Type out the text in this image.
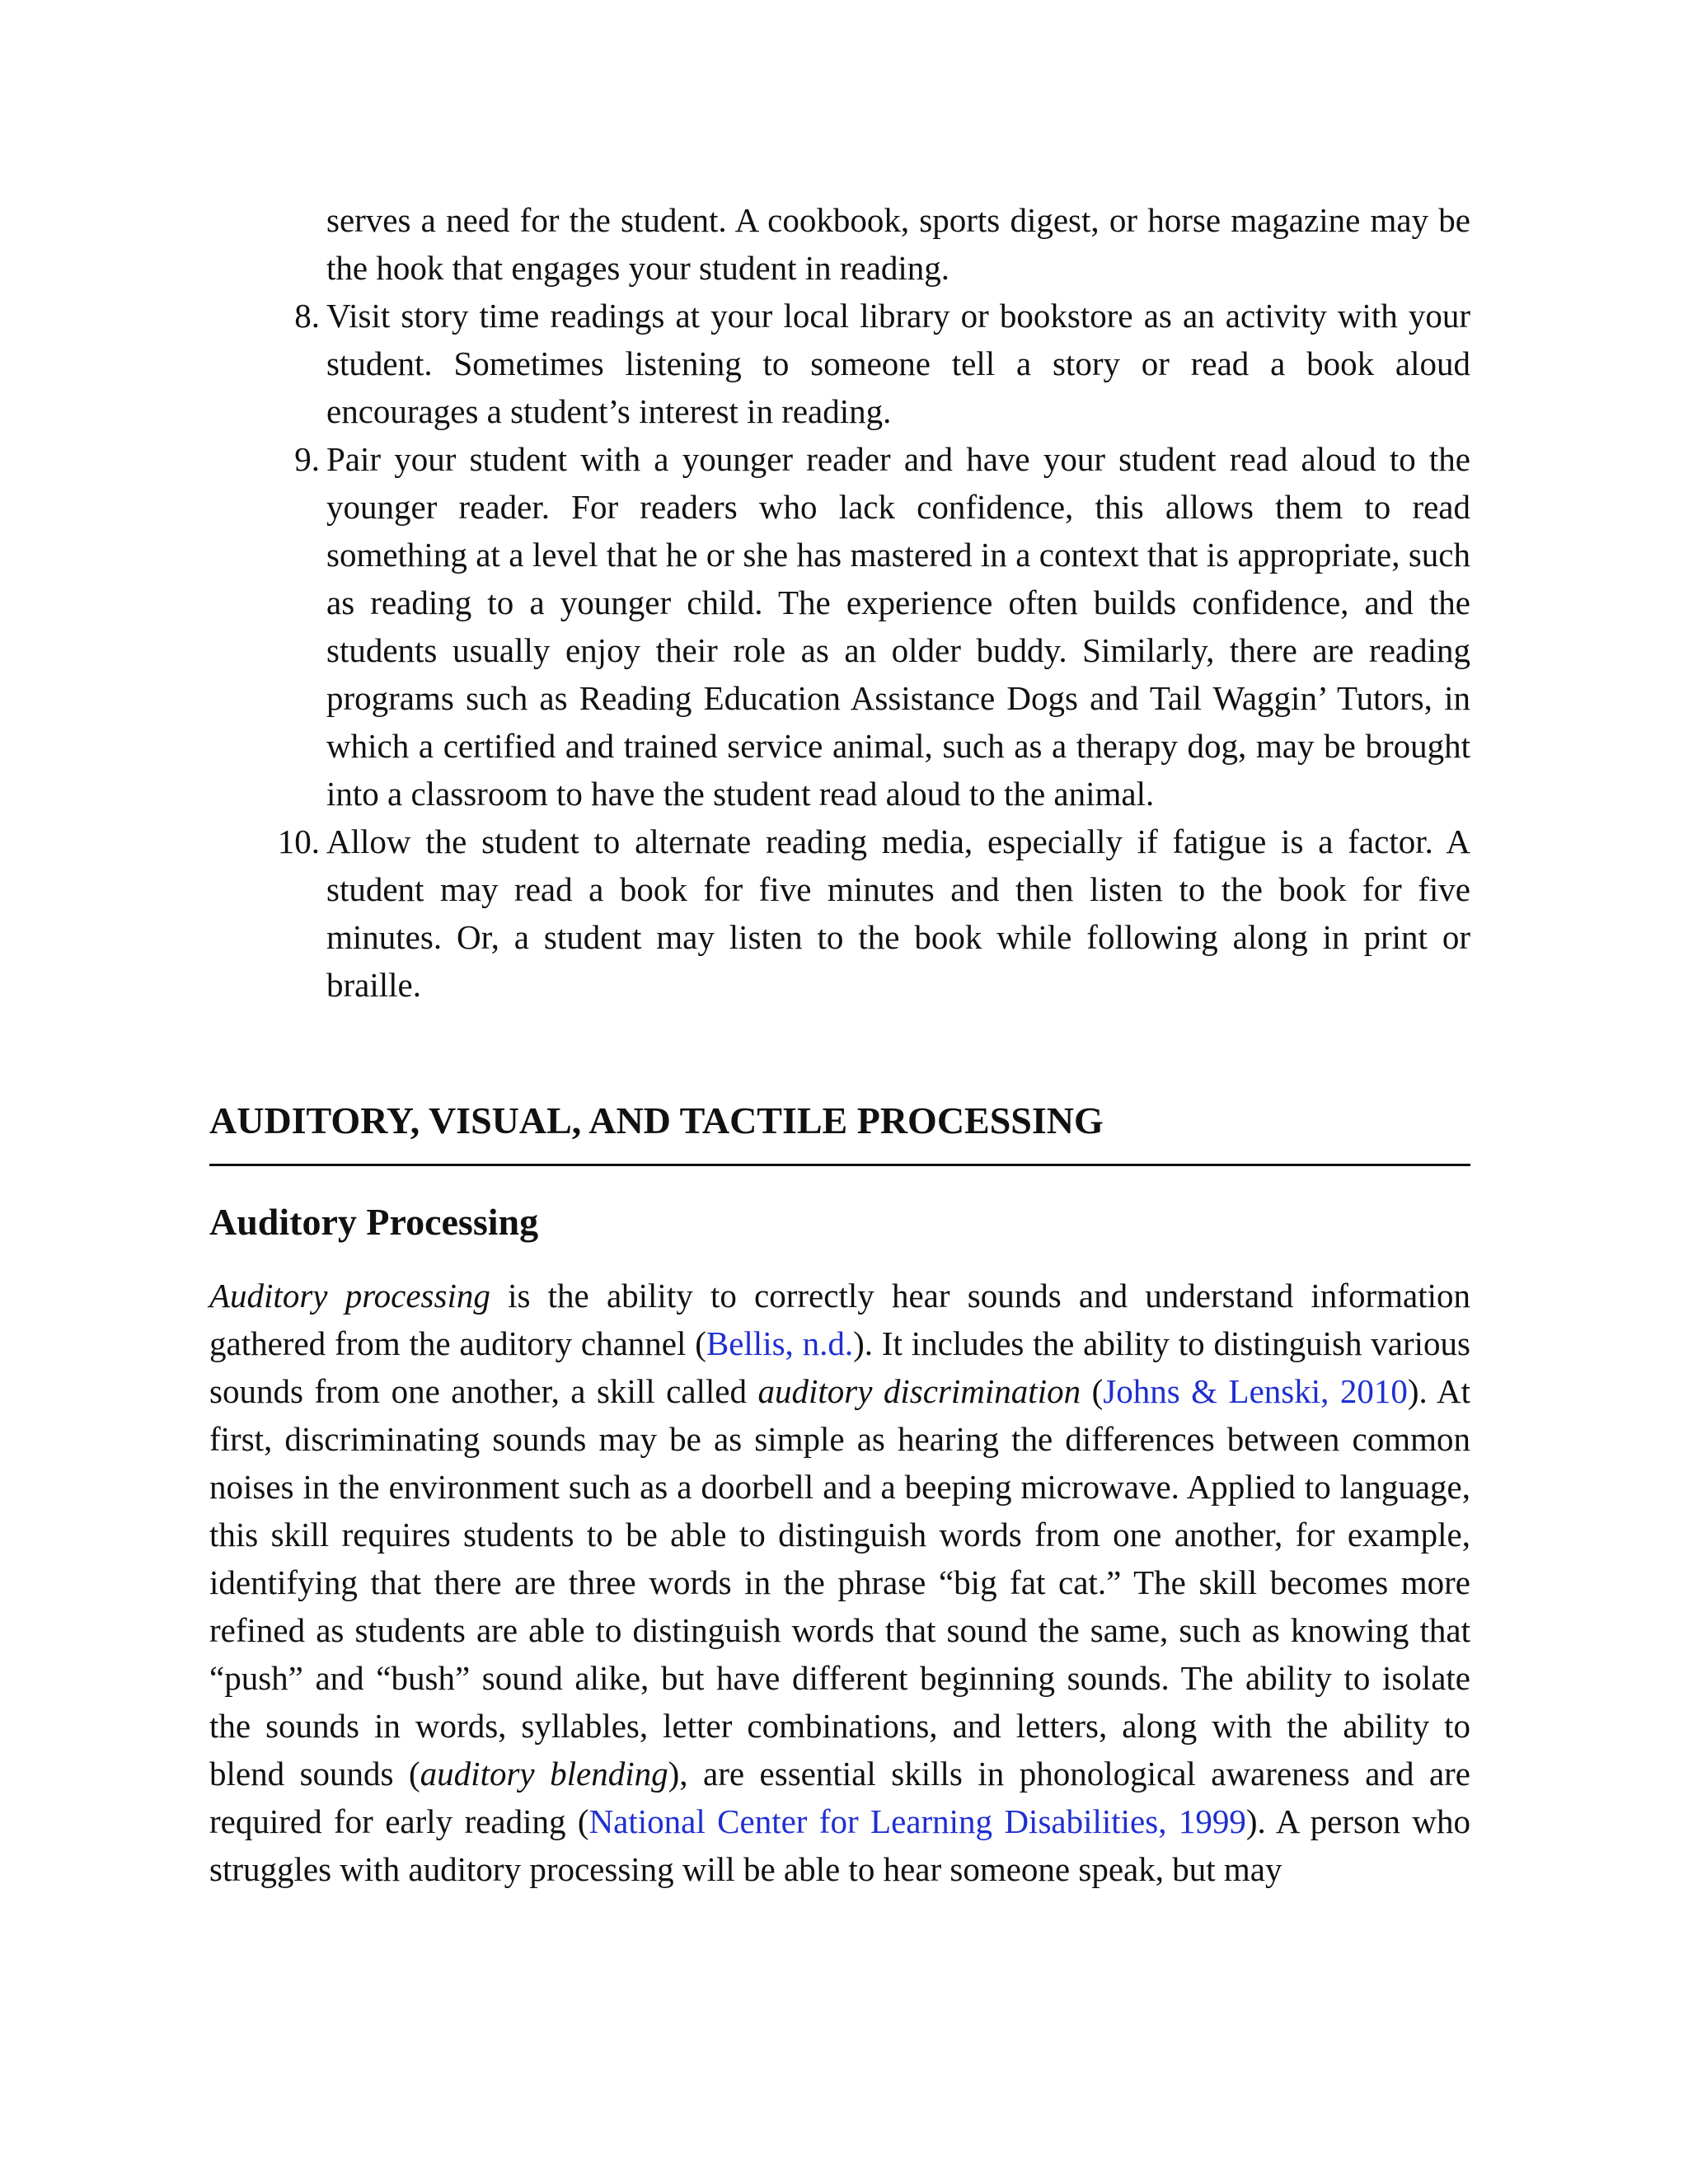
serves a need for the student. A cookbook, sports digest, or horse magazine may be the hook that engages your student in reading.
8. Visit story time readings at your local library or bookstore as an activity with your student. Sometimes listening to someone tell a story or read a book aloud encourages a student’s interest in reading.
9. Pair your student with a younger reader and have your student read aloud to the younger reader. For readers who lack confidence, this allows them to read something at a level that he or she has mastered in a context that is appropriate, such as reading to a younger child. The experience often builds confidence, and the students usually enjoy their role as an older buddy. Similarly, there are reading programs such as Reading Education Assistance Dogs and Tail Waggin’ Tutors, in which a certified and trained service animal, such as a therapy dog, may be brought into a classroom to have the student read aloud to the animal.
10. Allow the student to alternate reading media, especially if fatigue is a factor. A student may read a book for five minutes and then listen to the book for five minutes. Or, a student may listen to the book while following along in print or braille.
AUDITORY, VISUAL, AND TACTILE PROCESSING
Auditory Processing

Auditory processing is the ability to correctly hear sounds and understand information gathered from the auditory channel (Bellis, n.d.). It includes the ability to distinguish various sounds from one another, a skill called auditory discrimination (Johns & Lenski, 2010). At first, discriminating sounds may be as simple as hearing the differences between common noises in the environment such as a doorbell and a beeping microwave. Applied to language, this skill requires students to be able to distinguish words from one another, for example, identifying that there are three words in the phrase “big fat cat.” The skill becomes more refined as students are able to distinguish words that sound the same, such as knowing that “push” and “bush” sound alike, but have different beginning sounds. The ability to isolate the sounds in words, syllables, letter combinations, and letters, along with the ability to blend sounds (auditory blending), are essential skills in phonological awareness and are required for early reading (National Center for Learning Disabilities, 1999). A person who struggles with auditory processing will be able to hear someone speak, but may
